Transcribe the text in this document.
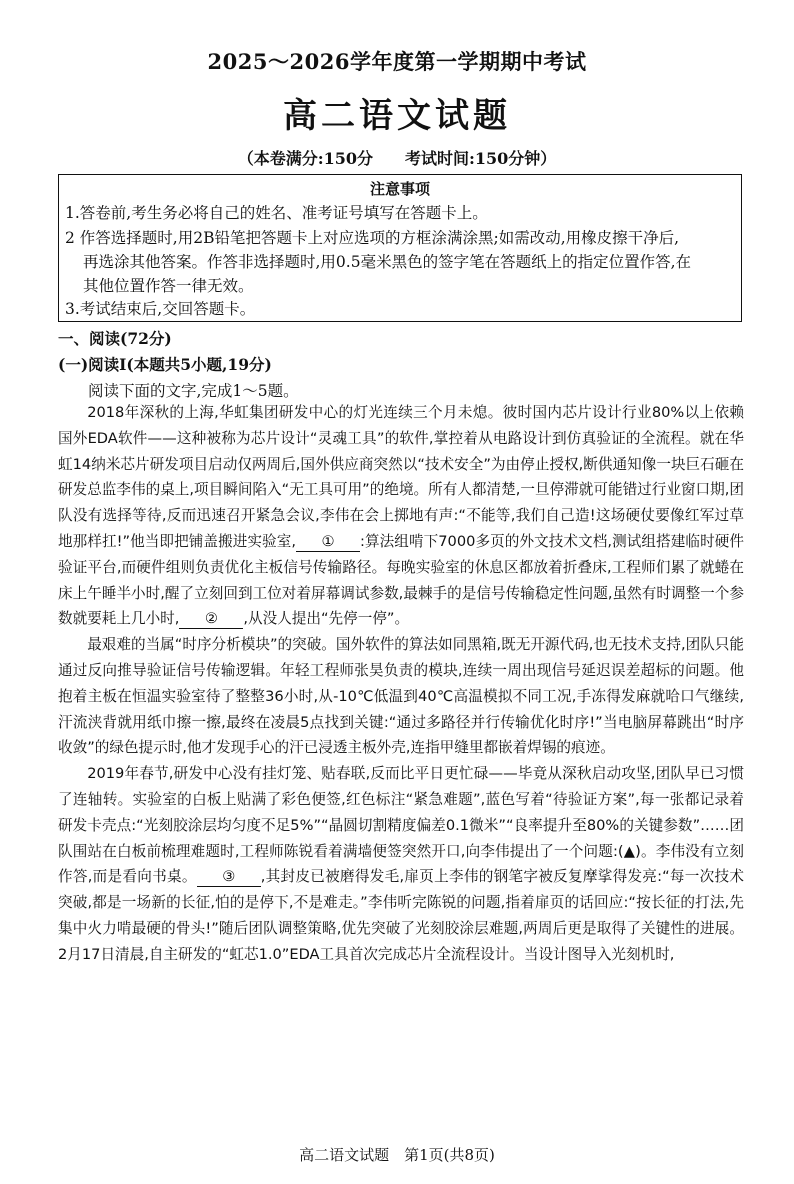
2025～2026学年度第一学期期中考试
高二语文试题
（本卷满分:150分　　考试时间:150分钟）
注意事项
1.答卷前,考生务必将自己的姓名、准考证号填写在答题卡上。
2 作答选择题时,用2B铅笔把答题卡上对应选项的方框涂满涂黑;如需改动,用橡皮擦干净后,
再选涂其他答案。作答非选择题时,用0.5毫米黑色的签字笔在答题纸上的指定位置作答,在
其他位置作答一律无效。
3.考试结束后,交回答题卡。
一、阅读(72分)
(一)阅读Ⅰ(本题共5小题,19分)
阅读下面的文字,完成1～5题。

2018年深秋的上海,华虹集团研发中心的灯光连续三个月未熄。彼时国内芯片设计行业80%以上依赖国外EDA软件——这种被称为芯片设计“灵魂工具”的软件,掌控着从电路设计到仿真验证的全流程。就在华虹14纳米芯片研发项目启动仅两周后,国外供应商突然以“技术安全”为由停止授权,断供通知像一块巨石砸在研发总监李伟的桌上,项目瞬间陷入“无工具可用”的绝境。所有人都清楚,一旦停滞就可能错过行业窗口期,团队没有选择等待,反而迅速召开紧急会议,李伟在会上掷地有声:“不能等,我们自己造!这场硬仗要像红军过草地那样扛!”他当即把铺盖搬进实验室, ① :算法组啃下7000多页的外文技术文档,测试组搭建临时硬件验证平台,而硬件组则负责优化主板信号传输路径。每晚实验室的休息区都放着折叠床,工程师们累了就蜷在床上午睡半小时,醒了立刻回到工位对着屏幕调试参数,最棘手的是信号传输稳定性问题,虽然有时调整一个参数就要耗上几小时, ② ,从没人提出“先停一停”。

最艰难的当属“时序分析模块”的突破。国外软件的算法如同黑箱,既无开源代码,也无技术支持,团队只能通过反向推导验证信号传输逻辑。年轻工程师张昊负责的模块,连续一周出现信号延迟误差超标的问题。他抱着主板在恒温实验室待了整整36小时,从-10℃低温到40℃高温模拟不同工况,手冻得发麻就哈口气继续,汗流浃背就用纸巾擦一擦,最终在凌晨5点找到关键:“通过多路径并行传输优化时序!”当电脑屏幕跳出“时序收敛”的绿色提示时,他才发现手心的汗已浸透主板外壳,连指甲缝里都嵌着焊锡的痕迹。

2019年春节,研发中心没有挂灯笼、贴春联,反而比平日更忙碌——毕竟从深秋启动攻坚,团队早已习惯了连轴转。实验室的白板上贴满了彩色便签,红色标注“紧急难题”,蓝色写着“待验证方案”,每一张都记录着研发卡壳点:“光刻胶涂层均匀度不足5%”“晶圆切割精度偏差0.1微米”“良率提升至80%的关键参数”……团队围站在白板前梳理难题时,工程师陈锐看着满墙便签突然开口,向李伟提出了一个问题:(▲)。李伟没有立刻作答,而是看向书桌。 ③ ,其封皮已被磨得发毛,扉页上李伟的钢笔字被反复摩挲得发亮:“每一次技术突破,都是一场新的长征,怕的是停下,不是难走。”李伟听完陈锐的问题,指着扉页的话回应:“按长征的打法,先集中火力啃最硬的骨头!”随后团队调整策略,优先突破了光刻胶涂层难题,两周后更是取得了关键性的进展。2月17日清晨,自主研发的“虹芯1.0”EDA工具首次完成芯片全流程设计。当设计图导入光刻机时,

高二语文试题　第1页(共8页)
